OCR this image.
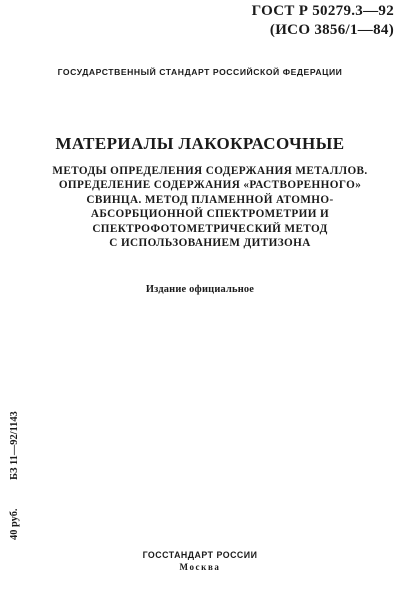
ГОСТ Р 50279.3—92
(ИСО 3856/1—84)
ГОСУДАРСТВЕННЫЙ СТАНДАРТ РОССИЙСКОЙ ФЕДЕРАЦИИ
МАТЕРИАЛЫ ЛАКОКРАСОЧНЫЕ
МЕТОДЫ ОПРЕДЕЛЕНИЯ СОДЕРЖАНИЯ МЕТАЛЛОВ.
ОПРЕДЕЛЕНИЕ СОДЕРЖАНИЯ «РАСТВОРЕННОГО»
СВИНЦА. МЕТОД ПЛАМЕННОЙ АТОМНО-
АБСОРБЦИОННОЙ СПЕКТРОМЕТРИИ И
СПЕКТРОФОТОМЕТРИЧЕСКИЙ МЕТОД
С ИСПОЛЬЗОВАНИЕМ ДИТИЗОНА
Издание официальное
40 руб. БЗ 11—92/1143
ГОССТАНДАРТ РОССИИ
Москва
